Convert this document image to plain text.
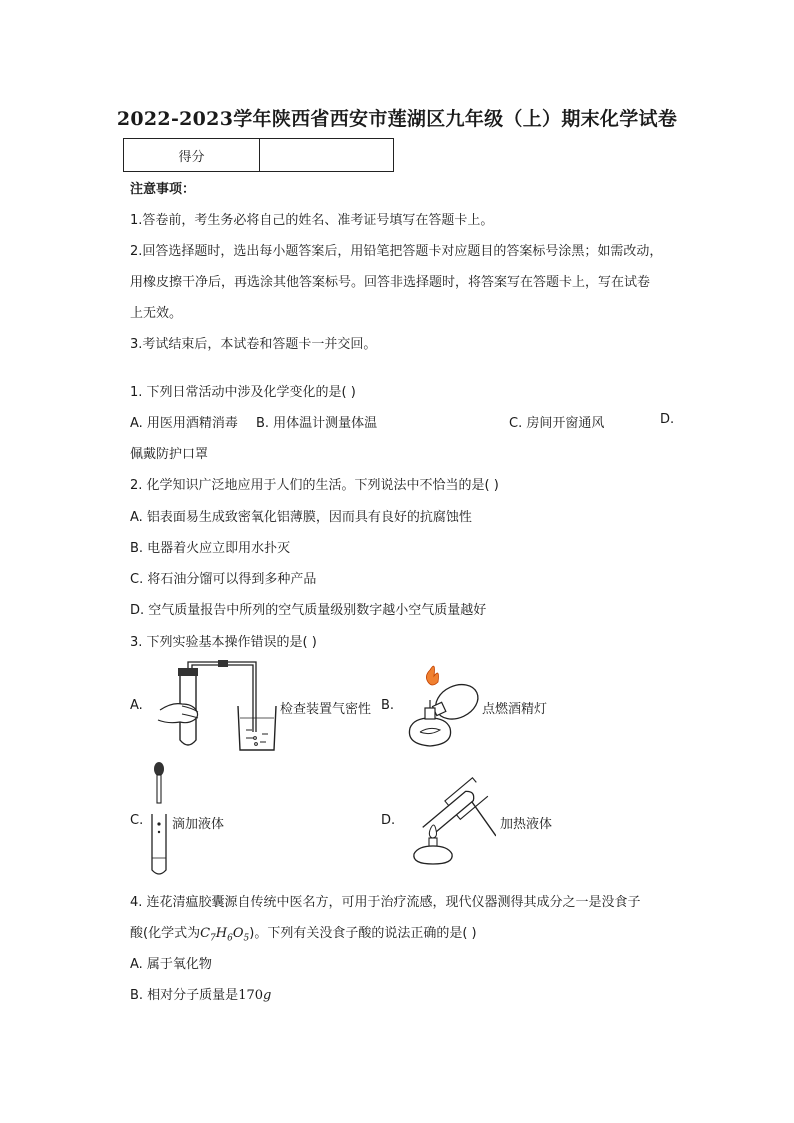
2022-2023学年陕西省西安市莲湖区九年级（上）期末化学试卷
得分	
注意事项：
1.答卷前，考生务必将自己的姓名、准考证号填写在答题卡上。
2.回答选择题时，选出每小题答案后，用铅笔把答题卡对应题目的答案标号涂黑；如需改动，
用橡皮擦干净后，再选涂其他答案标号。回答非选择题时，将答案写在答题卡上，写在试卷
上无效。
3.考试结束后，本试卷和答题卡一并交回。
1. 下列日常活动中涉及化学变化的是( )
A. 用医用酒精消毒 B. 用体温计测量体温	C. 房间开窗通风	D.
佩戴防护口罩
2. 化学知识广泛地应用于人们的生活。下列说法中不恰当的是( )
A. 铝表面易生成致密氧化铝薄膜，因而具有良好的抗腐蚀性
B. 电器着火应立即用水扑灭
C. 将石油分馏可以得到多种产品
D. 空气质量报告中所列的空气质量级别数字越小空气质量越好
3. 下列实验基本操作错误的是( )
A.	检查装置气密性 B.	点燃酒精灯
C. 滴加液体	D.	加热液体
4. 连花清瘟胶囊源自传统中医名方，可用于治疗流感，现代仪器测得其成分之一是没食子
酸(化学式为$C_7H_6O_5$)。下列有关没食子酸的说法正确的是( )
A. 属于氧化物
B. 相对分子质量是170g
